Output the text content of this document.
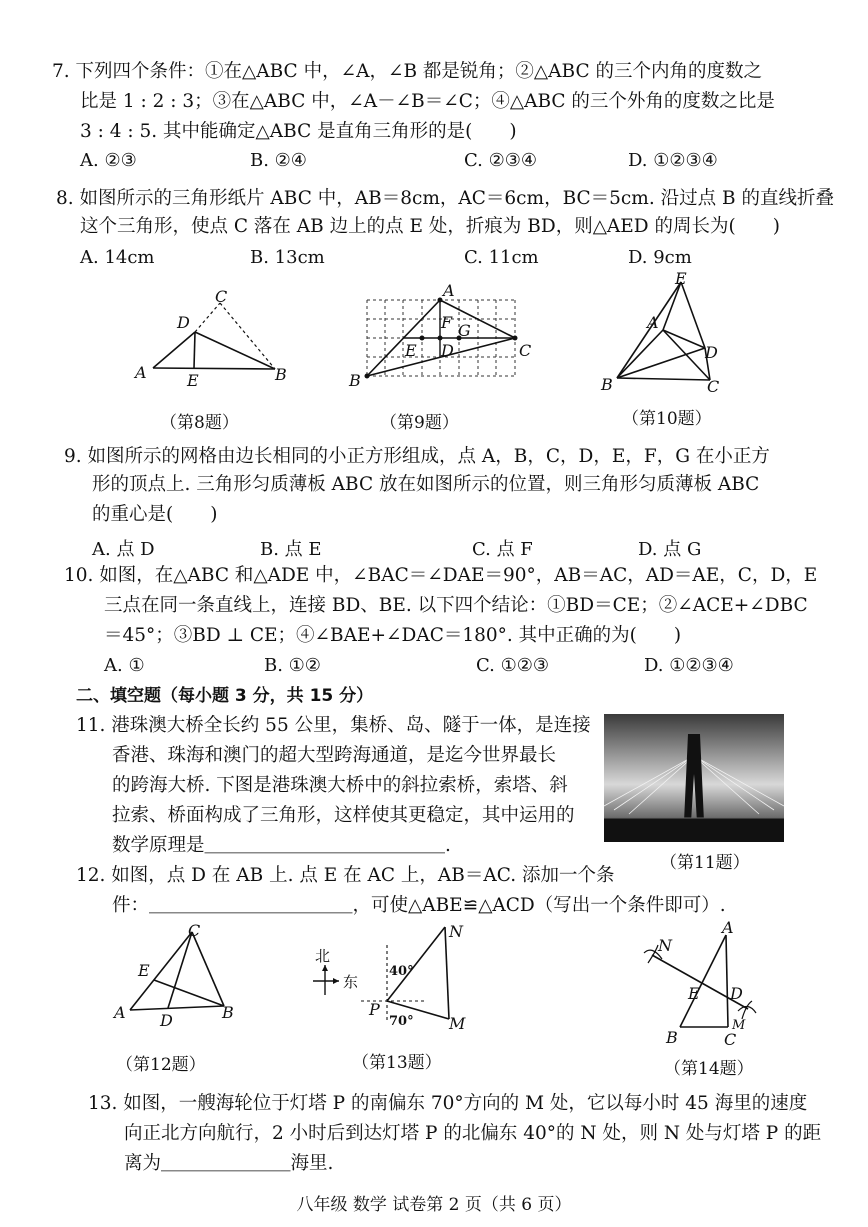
7. 下列四个条件：①在△ABC 中，∠A，∠B 都是锐角；②△ABC 的三个内角的度数之
比是 1 : 2 : 3；③在△ABC 中，∠A－∠B＝∠C；④△ABC 的三个外角的度数之比是
3 : 4 : 5. 其中能确定△ABC 是直角三角形的是(　　)
A. ②③	B. ②④	C. ②③④	D. ①②③④
8. 如图所示的三角形纸片 ABC 中，AB＝8cm，AC＝6cm，BC＝5cm. 沿过点 B 的直线折叠
这个三角形，使点 C 落在 AB 边上的点 E 处，折痕为 BD，则△AED 的周长为(　　)
A. 14cm	B. 13cm	C. 11cm	D. 9cm
A	B
C
D
E
（第8题）
A
B
C
D
E
F G
（第9题）
E
A
D
B	C
（第10题）
9. 如图所示的网格由边长相同的小正方形组成，点 A，B，C，D，E，F，G 在小正方
形的顶点上. 三角形匀质薄板 ABC 放在如图所示的位置，则三角形匀质薄板 ABC
的重心是(　　)
A. 点 D	B. 点 E	C. 点 F	D. 点 G
10. 如图，在△ABC 和△ADE 中，∠BAC＝∠DAE＝90°，AB＝AC，AD＝AE，C，D，E
三点在同一条直线上，连接 BD、BE. 以下四个结论：①BD＝CE；②∠ACE+∠DBC
＝45°；③BD ⊥ CE；④∠BAE+∠DAC＝180°. 其中正确的为(　　)
A. ①	B. ①②	C. ①②③	D. ①②③④
二、填空题（每小题 3 分，共 15 分）
11. 港珠澳大桥全长约 55 公里，集桥、岛、隧于一体，是连接
香港、珠海和澳门的超大型跨海通道，是迄今世界最长
的跨海大桥. 下图是港珠澳大桥中的斜拉索桥，索塔、斜
拉索、桥面构成了三角形，这样使其更稳定，其中运用的
数学原理是＿＿＿＿＿＿＿＿＿＿＿＿＿.
（第11题）
12. 如图，点 D 在 AB 上. 点 E 在 AC 上，AB＝AC. 添加一个条
件：＿＿＿＿＿＿＿＿＿＿＿，可使△ABE≌△ACD（写出一个条件即可）.
C
E
A D	B
（第12题）
北
东
40°
70°
N
P
M
（第13题）
N
A
E D
M
B	C
（第14题）
13. 如图，一艘海轮位于灯塔 P 的南偏东 70°方向的 M 处，它以每小时 45 海里的速度
向正北方向航行，2 小时后到达灯塔 P 的北偏东 40°的 N 处，则 N 处与灯塔 P 的距
离为＿＿＿＿＿＿＿海里.
八年级 数学 试卷第 2 页（共 6 页）
